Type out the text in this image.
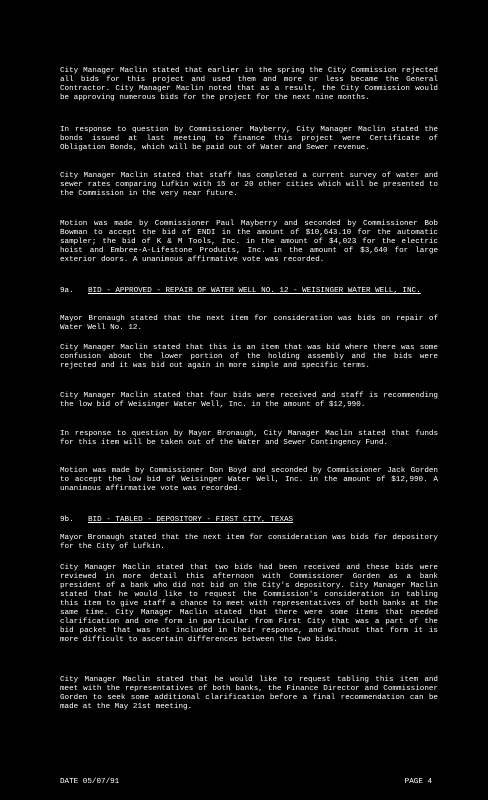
City Manager Maclin stated that earlier in the spring the City Commission rejected all bids for this project and used them and more or less became the General Contractor. City Manager Maclin noted that as a result, the City Commission would be approving numerous bids for the project for the next nine months.

In response to question by Commissioner Mayberry, City Manager Maclin stated the bonds issued at last meeting to finance this project were Certificate of Obligation Bonds, which will be paid out of Water and Sewer revenue.

City Manager Maclin stated that staff has completed a current survey of water and sewer rates comparing Lufkin with 15 or 20 other cities which will be presented to the Commission in the very near future.

Motion was made by Commissioner Paul Mayberry and seconded by Commissioner Bob Bowman to accept the bid of ENDI in the amount of $10,643.10 for the automatic sampler; the bid of K & M Tools, Inc. in the amount of $4,023 for the electric hoist and Embree-A-Lifestone Products, Inc. in the amount of $3,640 for large exterior doors. A unanimous affirmative vote was recorded.

9a. BID - APPROVED - REPAIR OF WATER WELL NO. 12 - WEISINGER WATER WELL, INC.

Mayor Bronaugh stated that the next item for consideration was bids on repair of Water Well No. 12.

City Manager Maclin stated that this is an item that was bid where there was some confusion about the lower portion of the holding assembly and the bids were rejected and it was bid out again in more simple and specific terms.

City Manager Maclin stated that four bids were received and staff is recommending the low bid of Weisinger Water Well, Inc. in the amount of $12,990.

In response to question by Mayor Bronaugh, City Manager Maclin stated that funds for this item will be taken out of the Water and Sewer Contingency Fund.

Motion was made by Commissioner Don Boyd and seconded by Commissioner Jack Gorden to accept the low bid of Weisinger Water Well, Inc. in the amount of $12,990. A unanimous affirmative vote was recorded.

9b. BID - TABLED - DEPOSITORY - FIRST CITY, TEXAS

Mayor Bronaugh stated that the next item for consideration was bids for depository for the City of Lufkin.

City Manager Maclin stated that two bids had been received and these bids were reviewed in more detail this afternoon with Commissioner Gorden as a bank president of a bank who did not bid on the City's depository. City Manager Maclin stated that he would like to request the Commission's consideration in tabling this item to give staff a chance to meet with representatives of both banks at the same time. City Manager Maclin stated that there were some items that needed clarification and one form in particular from First City that was a part of the bid packet that was not included in their response, and without that form it is more difficult to ascertain differences between the two bids.

City Manager Maclin stated that he would like to request tabling this item and meet with the representatives of both banks, the Finance Director and Commissioner Gorden to seek some additional clarification before a final recommendation can be made at the May 21st meeting.

DATE 05/07/91	PAGE 4
